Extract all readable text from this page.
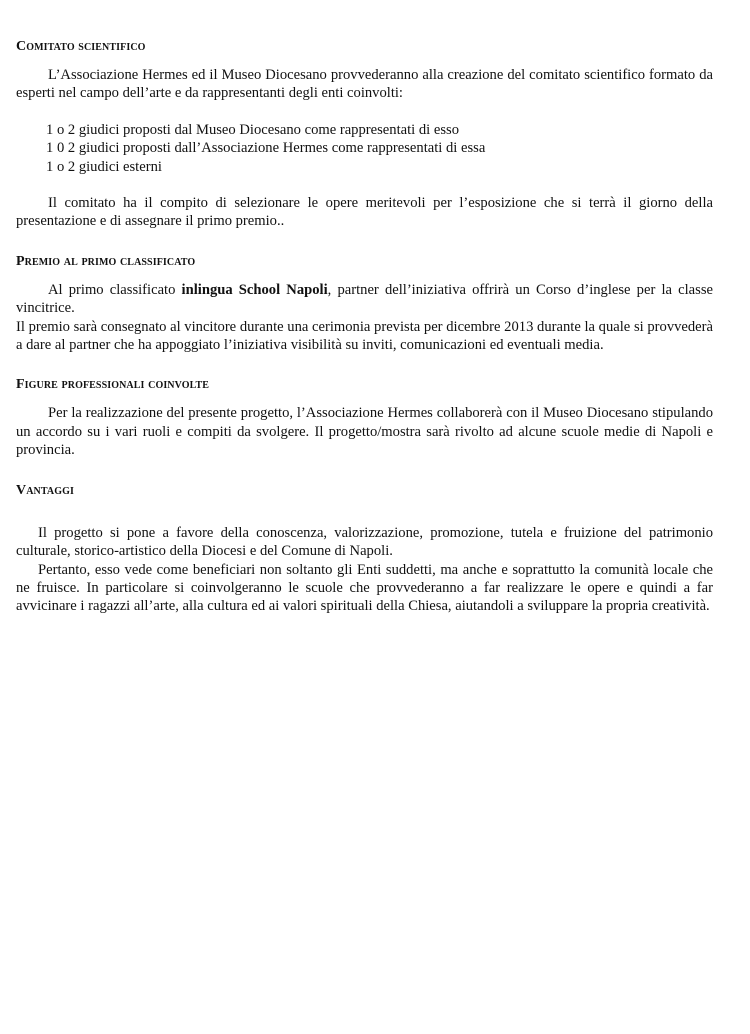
Comitato scientifico

L’Associazione Hermes ed il Museo Diocesano provvederanno alla creazione del comitato scientifico formato da esperti nel campo dell’arte e da rappresentanti degli enti coinvolti:

1 o 2 giudici proposti dal Museo Diocesano come rappresentati di esso
1 0 2 giudici proposti dall’Associazione Hermes come rappresentati di essa
1 o 2 giudici esterni

Il comitato ha il compito di selezionare le opere meritevoli per l’esposizione che si terrà il giorno della presentazione e di assegnare il primo premio..

Premio al primo classificato

Al primo classificato inlingua School Napoli, partner dell’iniziativa offrirà un Corso d’inglese per la classe vincitrice.

Il premio sarà consegnato al vincitore durante una cerimonia prevista per dicembre 2013 durante la quale si provvederà a dare al partner che ha appoggiato l’iniziativa visibilità su inviti, comunicazioni ed eventuali media.

Figure professionali coinvolte

Per la realizzazione del presente progetto, l’Associazione Hermes collaborerà con il Museo Diocesano stipulando un accordo su i vari ruoli e compiti da svolgere. Il progetto/mostra sarà rivolto ad alcune scuole medie di Napoli e provincia.

Vantaggi

Il progetto si pone a favore della conoscenza, valorizzazione, promozione, tutela e fruizione del patrimonio culturale, storico-artistico della Diocesi e del Comune di Napoli.

Pertanto, esso vede come beneficiari non soltanto gli Enti suddetti, ma anche e soprattutto la comunità locale che ne fruisce. In particolare si coinvolgeranno le scuole che provvederanno a far realizzare le opere e quindi a far avvicinare i ragazzi all’arte, alla cultura ed ai valori spirituali della Chiesa, aiutandoli a sviluppare la propria creatività.
